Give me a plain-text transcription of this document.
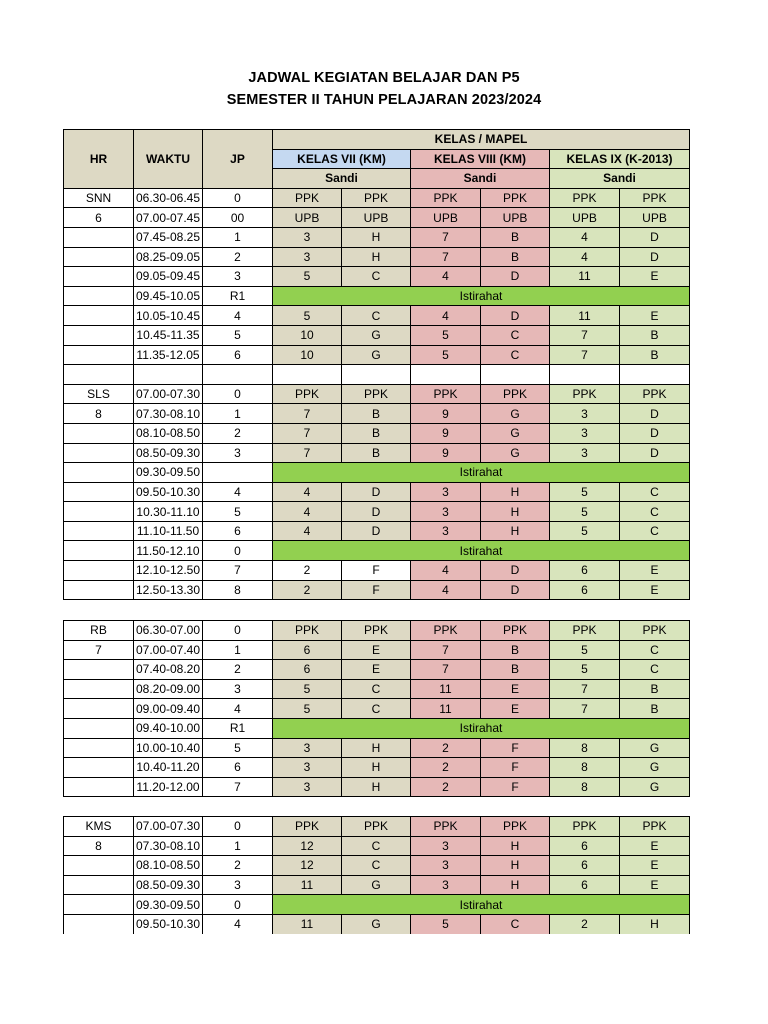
JADWAL KEGIATAN BELAJAR DAN P5
SEMESTER II TAHUN PELAJARAN 2023/2024
HR	WAKTU	JP	KELAS / MAPEL					
			KELAS VII (KM)		KELAS VIII (KM)		KELAS IX (K-2013)	
			Sandi		Sandi		Sandi	
SNN	06.30-06.45	0	PPK	PPK	PPK	PPK	PPK	PPK
6	07.00-07.45	00	UPB	UPB	UPB	UPB	UPB	UPB
	07.45-08.25	1	3	H	7	B	4	D
	08.25-09.05	2	3	H	7	B	4	D
	09.05-09.45	3	5	C	4	D	11	E
	09.45-10.05	R1	Istirahat					
	10.05-10.45	4	5	C	4	D	11	E
	10.45-11.35	5	10	G	5	C	7	B
	11.35-12.05	6	10	G	5	C	7	B

SLS	07.00-07.30	0	PPK	PPK	PPK	PPK	PPK	PPK
8	07.30-08.10	1	7	B	9	G	3	D
	08.10-08.50	2	7	B	9	G	3	D
	08.50-09.30	3	7	B	9	G	3	D
	09.30-09.50		Istirahat					
	09.50-10.30	4	4	D	3	H	5	C
	10.30-11.10	5	4	D	3	H	5	C
	11.10-11.50	6	4	D	3	H	5	C
	11.50-12.10	0	Istirahat					
	12.10-12.50	7	2	F	4	D	6	E
	12.50-13.30	8	2	F	4	D	6	E
RB	06.30-07.00	0	PPK	PPK	PPK	PPK	PPK	PPK
7	07.00-07.40	1	6	E	7	B	5	C
	07.40-08.20	2	6	E	7	B	5	C
	08.20-09.00	3	5	C	11	E	7	B
	09.00-09.40	4	5	C	11	E	7	B
	09.40-10.00	R1	Istirahat					
	10.00-10.40	5	3	H	2	F	8	G
	10.40-11.20	6	3	H	2	F	8	G
	11.20-12.00	7	3	H	2	F	8	G
KMS	07.00-07.30	0	PPK	PPK	PPK	PPK	PPK	PPK
8	07.30-08.10	1	12	C	3	H	6	E
	08.10-08.50	2	12	C	3	H	6	E
	08.50-09.30	3	11	G	3	H	6	E
	09.30-09.50	0	Istirahat					
	09.50-10.30	4	11	G	5	C	2	H
